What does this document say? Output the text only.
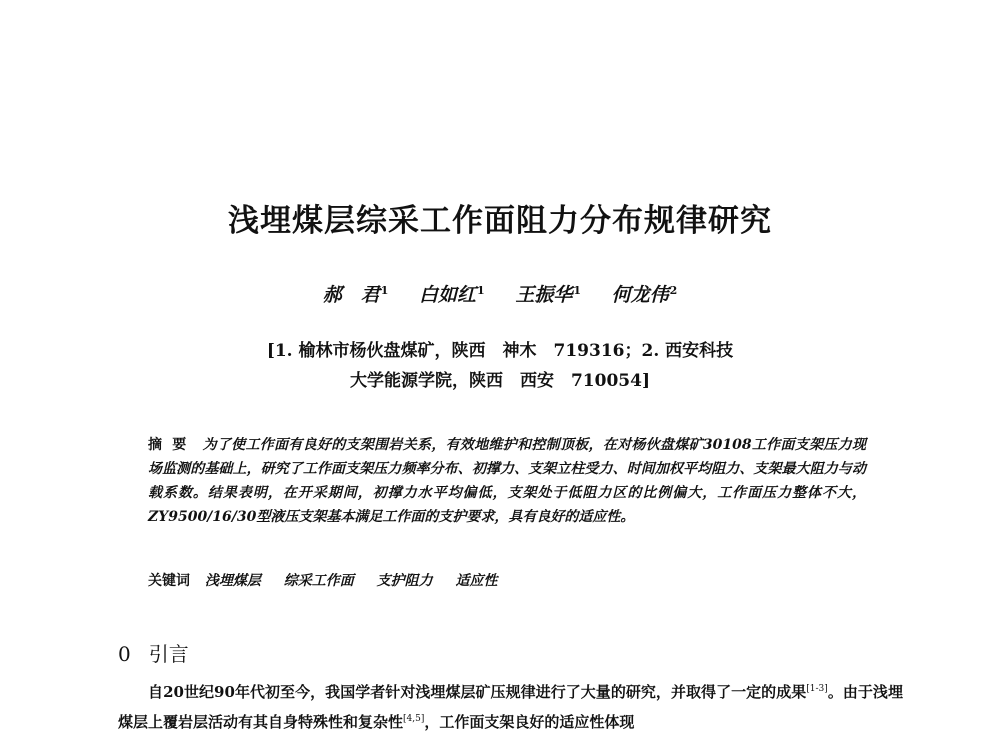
浅埋煤层综采工作面阻力分布规律研究
郝　君$^1$ 白如红$^1$ 王振华$^1$ 何龙伟$^2$
[1. 榆林市杨伙盘煤矿，陕西　神木　719316；2. 西安科技
大学能源学院，陕西　西安　710054]
摘要 为了使工作面有良好的支架围岩关系，有效地维护和控制顶板，在对杨伙盘煤矿30108工作面支架压力现场监测的基础上，研究了工作面支架压力频率分布、初撑力、支架立柱受力、时间加权平均阻力、支架最大阻力与动载系数。结果表明，在开采期间，初撑力水平均偏低，支架处于低阻力区的比例偏大，工作面压力整体不大，ZY9500/16/30型液压支架基本满足工作面的支护要求，具有良好的适应性。
关键词 浅埋煤层 综采工作面 支护阻力 适应性
0 引言
自20世纪90年代初至今，我国学者针对浅埋煤层矿压规律进行了大量的研究，并取得了一定的成果[1-3]。由于浅埋煤层上覆岩层活动有其自身特殊性和复杂性[4,5]，工作面支架良好的适应性体现
